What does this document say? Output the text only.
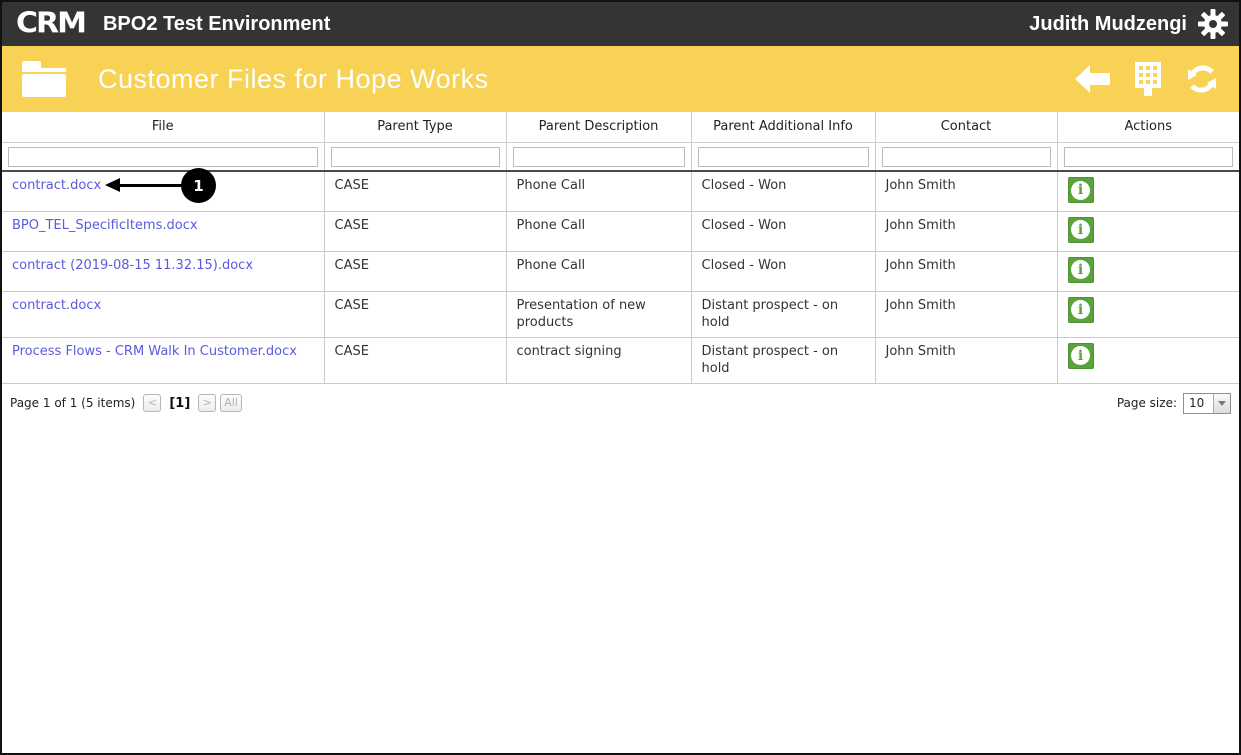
CRM BPO2 Test Environment	Judith Mudzengi
Customer Files for Hope Works
File	Parent Type	Parent Description	Parent Additional Info	Contact	Actions

contract.docx	CASE	Phone Call	Closed - Won	John Smith	i

BPO_TEL_SpecificItems.docx	CASE	Phone Call	Closed - Won	John Smith	i

contract (2019-08-15 11.32.15).docx	CASE	Phone Call	Closed - Won	John Smith	i

contract.docx	CASE	Presentation of new products	Distant prospect - on hold	John Smith	i

Process Flows - CRM Walk In Customer.docx	CASE	contract signing	Distant prospect - on hold	John Smith	i
Page 1 of 1 (5 items)	< [1]	>	All	Page size:	10
1
